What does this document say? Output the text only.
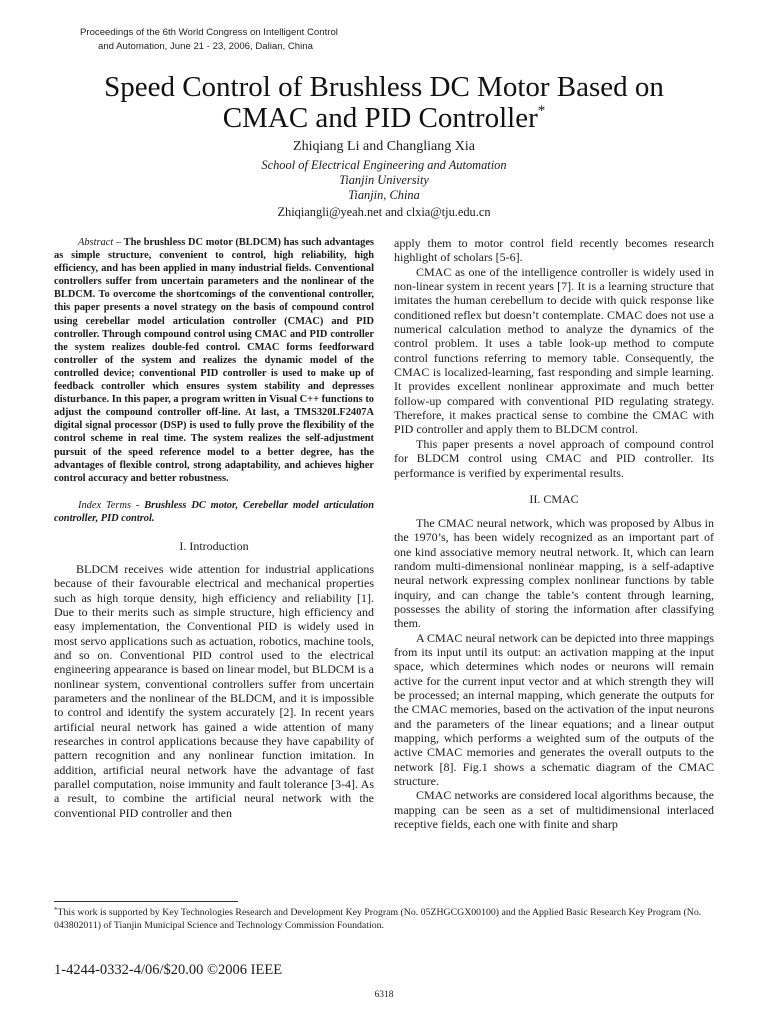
Proceedings of the 6th World Congress on Intelligent Control
and Automation, June 21 - 23, 2006, Dalian, China
Speed Control of Brushless DC Motor Based on
CMAC and PID Controller*
Zhiqiang Li and Changliang Xia
School of Electrical Engineering and Automation
Tianjin University
Tianjin, China
Zhiqiangli@yeah.net and clxia@tju.edu.cn

Abstract – The brushless DC motor (BLDCM) has such advantages as simple structure, convenient to control, high reliability, high efficiency, and has been applied in many industrial fields. Conventional controllers suffer from uncertain parameters and the nonlinear of the BLDCM. To overcome the shortcomings of the conventional controller, this paper presents a novel strategy on the basis of compound control using cerebellar model articulation controller (CMAC) and PID controller. Through compound control using CMAC and PID controller the system realizes double-fed control. CMAC forms feedforward controller of the system and realizes the dynamic model of the controlled device; conventional PID controller is used to make up of feedback controller which ensures system stability and depresses disturbance. In this paper, a program written in Visual C++ functions to adjust the compound controller off-line. At last, a TMS320LF2407A digital signal processor (DSP) is used to fully prove the flexibility of the control scheme in real time. The system realizes the self-adjustment pursuit of the speed reference model to a better degree, has the advantages of flexible control, strong adaptability, and achieves higher control accuracy and better robustness.

Index Terms - Brushless DC motor, Cerebellar model articulation controller, PID control.

I. Introduction

BLDCM receives wide attention for industrial applications because of their favourable electrical and mechanical properties such as high torque density, high efficiency and reliability [1]. Due to their merits such as simple structure, high efficiency and easy implementation, the Conventional PID is widely used in most servo applications such as actuation, robotics, machine tools, and so on. Conventional PID control used to the electrical engineering appearance is based on linear model, but BLDCM is a nonlinear system, conventional controllers suffer from uncertain parameters and the nonlinear of the BLDCM, and it is impossible to control and identify the system accurately [2]. In recent years artificial neural network has gained a wide attention of many researches in control applications because they have capability of pattern recognition and any nonlinear function imitation. In addition, artificial neural network have the advantage of fast parallel computation, noise immunity and fault tolerance [3-4]. As a result, to combine the artificial neural network with the conventional PID controller and then

apply them to motor control field recently becomes research highlight of scholars [5-6].

CMAC as one of the intelligence controller is widely used in non-linear system in recent years [7]. It is a learning structure that imitates the human cerebellum to decide with quick response like conditioned reflex but doesn’t contemplate. CMAC does not use a numerical calculation method to analyze the dynamics of the control problem. It uses a table look-up method to compute control functions referring to memory table. Consequently, the CMAC is localized-learning, fast responding and simple learning. It provides excellent nonlinear approximate and much better follow-up compared with conventional PID regulating strategy. Therefore, it makes practical sense to combine the CMAC with PID controller and apply them to BLDCM control.

This paper presents a novel approach of compound control for BLDCM control using CMAC and PID controller. Its performance is verified by experimental results.

II. CMAC

The CMAC neural network, which was proposed by Albus in the 1970’s, has been widely recognized as an important part of one kind associative memory neutral network. It, which can learn random multi-dimensional nonlinear mapping, is a self-adaptive neural network expressing complex nonlinear functions by table inquiry, and can change the table’s content through learning, possesses the ability of storing the information after classifying them.

A CMAC neural network can be depicted into three mappings from its input until its output: an activation mapping at the input space, which determines which nodes or neurons will remain active for the current input vector and at which strength they will be processed; an internal mapping, which generate the outputs for the CMAC memories, based on the activation of the input neurons and the parameters of the linear equations; and a linear output mapping, which performs a weighted sum of the outputs of the active CMAC memories and generates the overall outputs to the network [8]. Fig.1 shows a schematic diagram of the CMAC structure.

CMAC networks are considered local algorithms because, the mapping can be seen as a set of multidimensional interlaced receptive fields, each one with finite and sharp

*This work is supported by Key Technologies Research and Development Key Program (No. 05ZHGCGX00100) and the Applied Basic Research Key Program (No. 043802011) of Tianjin Municipal Science and Technology Commission Foundation.
1-4244-0332-4/06/$20.00 ©2006 IEEE
6318
